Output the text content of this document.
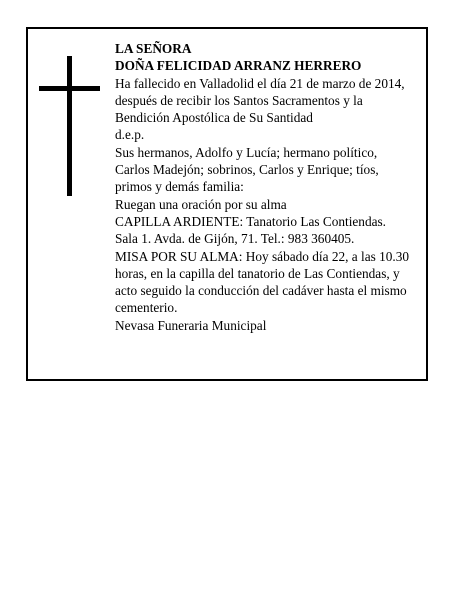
LA SEÑORA

DOÑA FELICIDAD ARRANZ HERRERO

Ha fallecido en Valladolid el día 21 de marzo de 2014,

después de recibir los Santos Sacramentos y la

Bendición Apostólica de Su Santidad

d.e.p.

Sus hermanos, Adolfo y Lucía; hermano político,

Carlos Madejón; sobrinos, Carlos y Enrique; tíos,

primos y demás familia:

Ruegan una oración por su alma

CAPILLA ARDIENTE: Tanatorio Las Contiendas.

Sala 1. Avda. de Gijón, 71. Tel.: 983 360405.

MISA POR SU ALMA: Hoy sábado día 22, a las 10.30

horas, en la capilla del tanatorio de Las Contiendas, y

acto seguido la conducción del cadáver hasta el mismo

cementerio.

Nevasa Funeraria Municipal
